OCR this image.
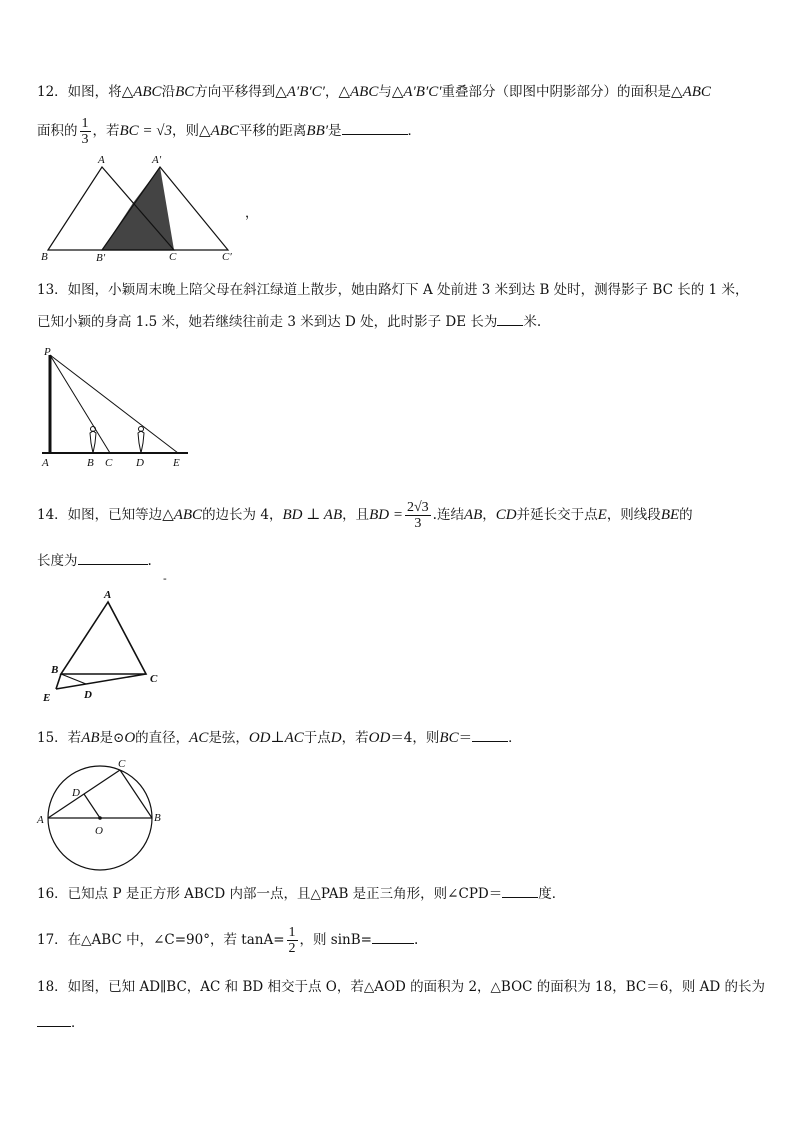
12．如图，将△ABC沿BC方向平移得到△A′B′C′，△ABC与△A′B′C′重叠部分（即图中阴影部分）的面积是△ABC
面积的 $\frac{1}{3}$ ，若BC = √3，则△ABC平移的距离BB′是	．
A	A′
B	B′	C	C′
，
13．如图，小颖周末晚上陪父母在斜江绿道上散步，她由路灯下 A 处前进 3 米到达 B 处时，测得影子 BC 长的 1 米，
已知小颖的身高 1.5 米，她若继续往前走 3 米到达 D 处，此时影子 DE 长为 米.
P
A	B C D	E
14．如图，已知等边△ABC的边长为 4，BD ⊥ AB，且BD = $\frac{2√3}{3}$ .连结AB，CD并延长交于点E，则线段BE的
长度为	.
-
A
B
C
D
E
15．若AB是⊙O的直径，AC是弦，OD⊥AC于点D，若OD＝4，则BC＝	．
A	B
C
D
O
16．已知点 P 是正方形 ABCD 内部一点，且△PAB 是正三角形，则∠CPD＝	度．
17．在△ABC 中，∠C=90°，若 $\tan A= \frac{1}{2}$ ，则 sinB=	.
18．如图，已知 AD∥BC，AC 和 BD 相交于点 O，若△AOD 的面积为 2，△BOC 的面积为 18，BC＝6，则 AD 的长为
．
